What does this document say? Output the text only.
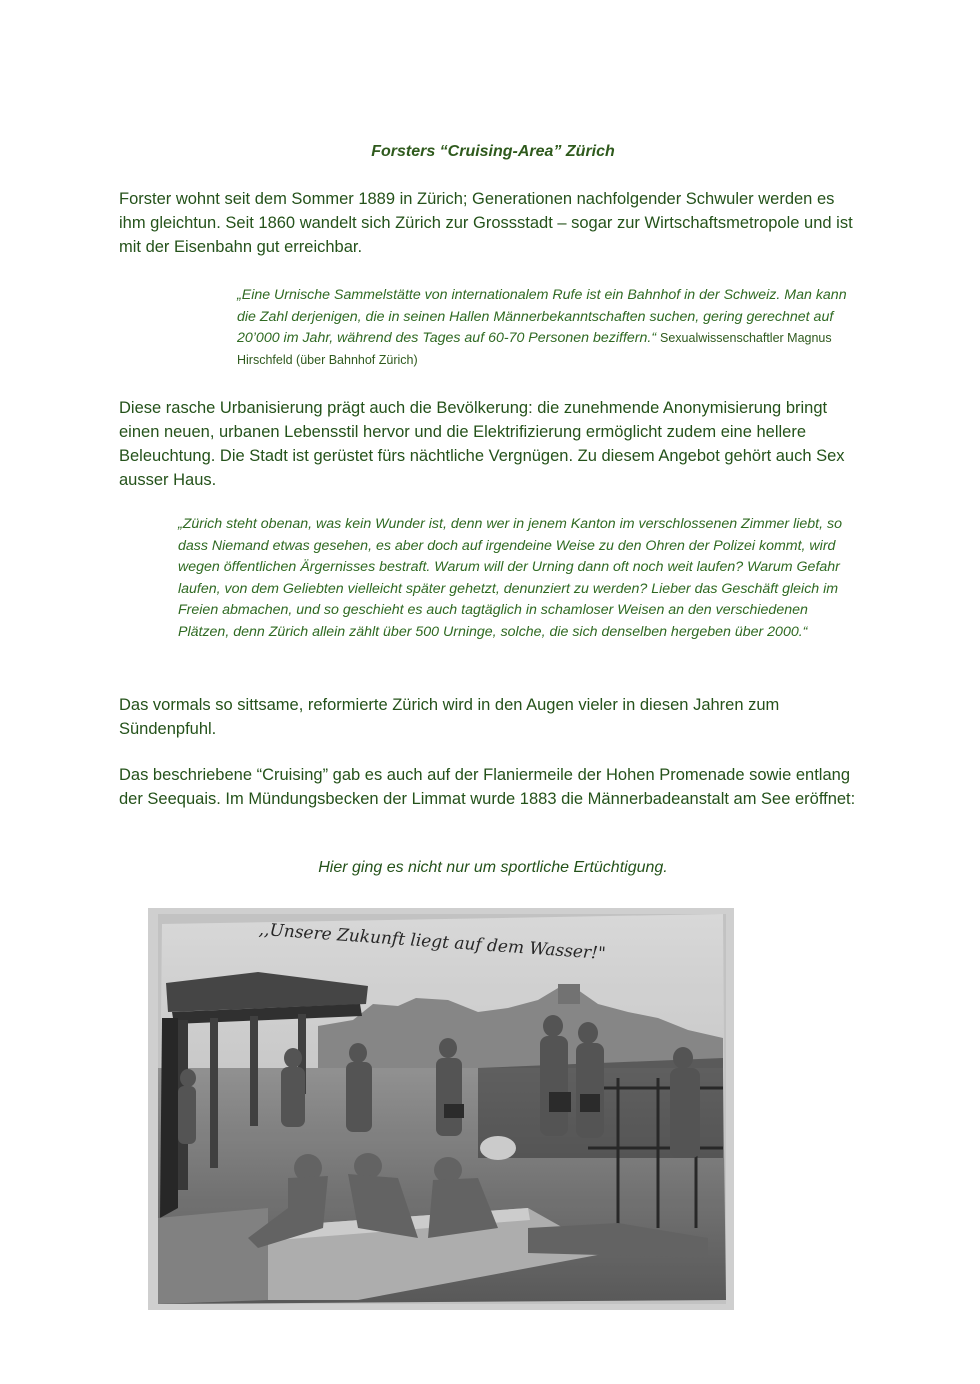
Forsters “Cruising-Area” Zürich

Forster wohnt seit dem Sommer 1889 in Zürich; Generationen nachfolgender Schwuler werden es ihm gleichtun. Seit 1860 wandelt sich Zürich zur Grossstadt – sogar zur Wirtschaftsmetropole und ist mit der Eisenbahn gut erreichbar.

„Eine Urnische Sammelstätte von internationalem Rufe ist ein Bahnhof in der Schweiz. Man kann die Zahl derjenigen, die in seinen Hallen Männerbekanntschaften suchen, gering gerechnet auf 20’000 im Jahr, während des Tages auf 60-70 Personen beziffern.“ Sexualwissenschaftler Magnus Hirschfeld (über Bahnhof Zürich)

Diese rasche Urbanisierung prägt auch die Bevölkerung: die zunehmende Anonymisierung bringt einen neuen, urbanen Lebensstil hervor und die Elektrifizierung ermöglicht zudem eine hellere Beleuchtung. Die Stadt ist gerüstet fürs nächtliche Vergnügen. Zu diesem Angebot gehört auch Sex ausser Haus.

„Zürich steht obenan, was kein Wunder ist, denn wer in jenem Kanton im verschlossenen Zimmer liebt, so dass Niemand etwas gesehen, es aber doch auf irgendeine Weise zu den Ohren der Polizei kommt, wird wegen öffentlichen Ärgernisses bestraft. Warum will der Urning dann oft noch weit laufen? Warum Gefahr laufen, von dem Geliebten vielleicht später gehetzt, denunziert zu werden? Lieber das Geschäft gleich im Freien abmachen, und so geschieht es auch tagtäglich in schamloser Weisen an den verschiedenen Plätzen, denn Zürich allein zählt über 500 Urninge, solche, die sich denselben hergeben über 2000.“

Das vormals so sittsame, reformierte Zürich wird in den Augen vieler in diesen Jahren zum Sündenpfuhl.

Das beschriebene “Cruising” gab es auch auf der Flaniermeile der Hohen Promenade sowie entlang der Seequais. Im Mündungsbecken der Limmat wurde 1883 die Männerbadeanstalt am See eröffnet:

Hier ging es nicht nur um sportliche Ertüchtigung.
,,Unsere Zukunft liegt auf dem Wasser!"
